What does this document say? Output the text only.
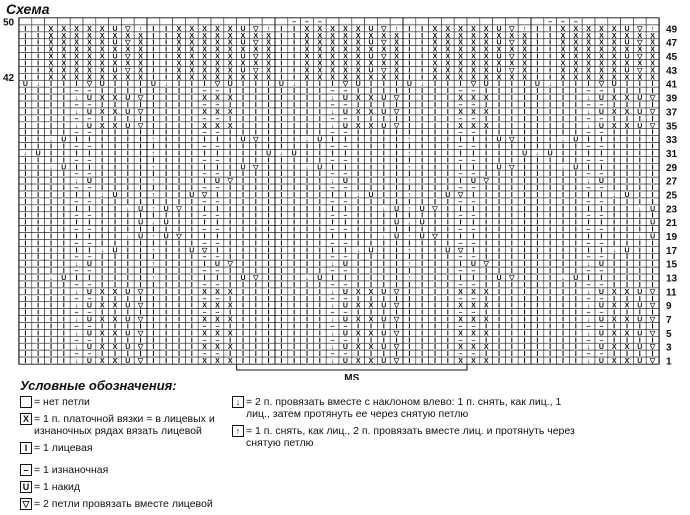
Схема
– – –	– – –
I I X X X X X U ▽ ↑ I I X X X X X U ▽ ↑ I I X X X X X U ▽ ↑ I I X X X X X U ▽ ↑ I I X X X X X U ▽ ↑
I I X X X X X X X X I I X X X X X X X X I I X X X X X X X X I I X X X X X X X X I I X X X X X X X X
I I X X X X X U ▽ X I I X X X X X U ▽ X I I X X X X X U ▽ X I I X X X X X U ▽ X I I X X X X X U ▽ X
I I X X X X X X X X I I X X X X X X X X I I X X X X X X X X I I X X X X X X X X I I X X X X X X X X
I I X X X X X U ▽ X I I X X X X X U ▽ X I I X X X X X U ▽ X I I X X X X X U ▽ X I I X X X X X U ▽ X
I I X X X X X X X X I I X X X X X X X X I I X X X X X X X X I I X X X X X X X X I I X X X X X X X X
I I X X X X X U ▽ X I I X X X X X U ▽ X I I X X X X X U ▽ X I I X X X X X U ▽ X I I X X X X X U ▽ X
I I X X X X X X X X I I X X X X X X X X I I X X X X X X X X I I X X X X X X X X I I X X X X X X X X
U ↓ I I I ▽ U I I I U ↓ I I I ▽ U I I I U ↓ I I I ▽ U I I I U ↓ I I I ▽ U I I I U ↓ I I I ▽ U I I I
I I I I – – I I I I I I I I – – I I I I I I I I – – I I I I I I I I – – I I I I I I I I – – I I I I
I I I I ↓ U X X U ▽ I I I I X X X I I I I I I I ↓ U X X U ▽ I I I I X X X I I I I I I I ↓ U X X U ▽
I I I I – – I I I I I I I I – – I I I I I I I I – – I I I I I I I I – – I I I I I I I I – – I I I I
I I I I ↓ U X X U ▽ I I I I X X X I I I I I I I ↓ U X X U ▽ I I I I X X X I I I I I I I ↓ U X X U ▽
I I I I – – I I I I I I I I – – I I I I I I I I – – I I I I I I I I – – I I I I I I I I – – I I I I
I I I I ↓ U X X U ▽ I I I I X X X I I I I I I I ↓ U X X U ▽ I I I I X X X I I I I I I I ↓ U X X U ▽
I I I I – – I I I I I I I I – – I I I I I I I I – – I I I I I I I I – – I I I I I I I I – – I I I I
I I ↓ U I I I I I I ↑ I I I I I I U ▽ I I I ↓ U I I I I I I ↑ I I I I I I U ▽ I I I ↓ U I I I I I I
I I I I – – I I I I I I I I – – I I I I I I I I – – I I I I I I I I – – I I I I I I I I – – I I I I
↓ U I I I I I I I I ↑ I I I I I I I I U ↓ U I I I I I I I I ↑ I I I I I I I I U ↓ U I I I I I I I I
I I I I – – I I I I I I I I – – I I I I I I I I – – I I I I I I I I – – I I I I I I I I – – I I I I
I I ↓ U I I I I I I ↑ I I I I I I U ▽ I I I ↓ U I I I I I I ↑ I I I I I I U ▽ I I I ↓ U I I I I I I
I I I I – – I I I I I I I I – – I I I I I I I I – – I I I I I I I I – – I I I I I I I I – – I I I I
I I I I ↓ U I I I I ↑ I I I I U ▽ I I I I I I I ↓ U I I I I ↑ I I I I U ▽ I I I I I I I ↓ U I I I I
I I I I – – I I I I I I I I – – I I I I I I I I – – I I I I I I I I – – I I I I I I I I – – I I I I
I I I I I I ↓ U I I ↑ I I U ▽ I I I I I I I I I I I ↓ U I I ↑ I I U ▽ I I I I I I I I I I I ↓ U I I
I I I I – – I I I I I I I I – – I I I I I I I I – – I I I I I I I I – – I I I I I I I I – – I I I I
I I I I I I I I ↓ U ↑ U ▽ I I I I I I I I I I I I I I I ↓ U ↑ U ▽ I I I I I I I I I I I I I I I ↓ U
I I I I – – I I I I I I I I – – I I I I I I I I – – I I I I I I I I – – I I I I I I I I – – I I I I
I I I I I I I I I U ↓ U I I I I I I I I I I I I I I I I I U ↓ U I I I I I I I I I I I I I I I I I U
I I I I – – I I I I I I I I – – I I I I I I I I – – I I I I I I I I – – I I I I I I I I – – I I I I
I I I I I I I I ↓ U ↑ U ▽ I I I I I I I I I I I I I I I ↓ U ↑ U ▽ I I I I I I I I I I I I I I I ↓ U
I I I I – – I I I I I I I I – – I I I I I I I I – – I I I I I I I I – – I I I I I I I I – – I I I I
I I I I I I ↓ U I I ↑ I I U ▽ I I I I I I I I I I I ↓ U I I ↑ I I U ▽ I I I I I I I I I I I ↓ U I I
I I I I – – I I I I I I I I – – I I I I I I I I – – I I I I I I I I – – I I I I I I I I – – I I I I
I I I I ↓ U I I I I ↑ I I I I U ▽ I I I I I I I ↓ U I I I I ↑ I I I I U ▽ I I I I I I I ↓ U I I I I
I I I I – – I I I I I I I I – – I I I I I I I I – – I I I I I I I I – – I I I I I I I I – – I I I I
I I ↓ U I I I I I I ↑ I I I I I I U ▽ I I I ↓ U I I I I I I ↑ I I I I I I U ▽ I I I ↓ U I I I I I I
I I I I – – I I I I I I I I – – I I I I I I I I – – I I I I I I I I – – I I I I I I I I – – I I I I
I I I I ↓ U X X U ▽ I I I I X X X I I I I I I I ↓ U X X U ▽ I I I I X X X I I I I I I I ↓ U X X U ▽
I I I I – – I I I I I I I I – – I I I I I I I I – – I I I I I I I I – – I I I I I I I I – – I I I I
I I I I ↓ U X X U ▽ I I I I X X X I I I I I I I ↓ U X X U ▽ I I I I X X X I I I I I I I ↓ U X X U ▽
I I I I – – I I I I I I I I – – I I I I I I I I – – I I I I I I I I – – I I I I I I I I – – I I I I
I I I I ↓ U X X U ▽ I I I I X X X I I I I I I I ↓ U X X U ▽ I I I I X X X I I I I I I I ↓ U X X U ▽
I I I I – – I I I I I I I I – – I I I I I I I I – – I I I I I I I I – – I I I I I I I I – – I I I I
I I I I ↓ U X X U ▽ I I I I X X X I I I I I I I ↓ U X X U ▽ I I I I X X X I I I I I I I ↓ U X X U ▽
I I I I – – I I I I I I I I – – I I I I I I I I – – I I I I I I I I – – I I I I I I I I – – I I I I
I I I I ↓ U X X U ▽ I I I I X X X I I I I I I I ↓ U X X U ▽ I I I I X X X I I I I I I I ↓ U X X U ▽
I I I I – – I I I I I I I I – – I I I I I I I I – – I I I I I I I I – – I I I I I I I I – – I I I I
I I I I ↓ U X X U ▽ I I I I X X X I I I I I I I ↓ U X X U ▽ I I I I X X X I I I I I I I ↓ U X X U ▽
49
47
45
43
41
39
37
35
33
31
29
27
25
23
21
19
17
15
13
11
9
7
5
3
1
50
42
MS
Условные обозначения:
= нет петли
X = 1 п. платочной вязки = в лицевых и изнаночных рядах вязать лицевой
I = 1 лицевая
– = 1 изнаночная
U = 1 накид
▽ = 2 петли провязать вместе лицевой
↓ = 2 п. провязать вместе с наклоном влево: 1 п. снять, как лиц., 1 лиц., затем протянуть ее через снятую петлю
↑ = 1 п. снять, как лиц., 2 п. провязать вместе лиц. и протянуть через снятую петлю
